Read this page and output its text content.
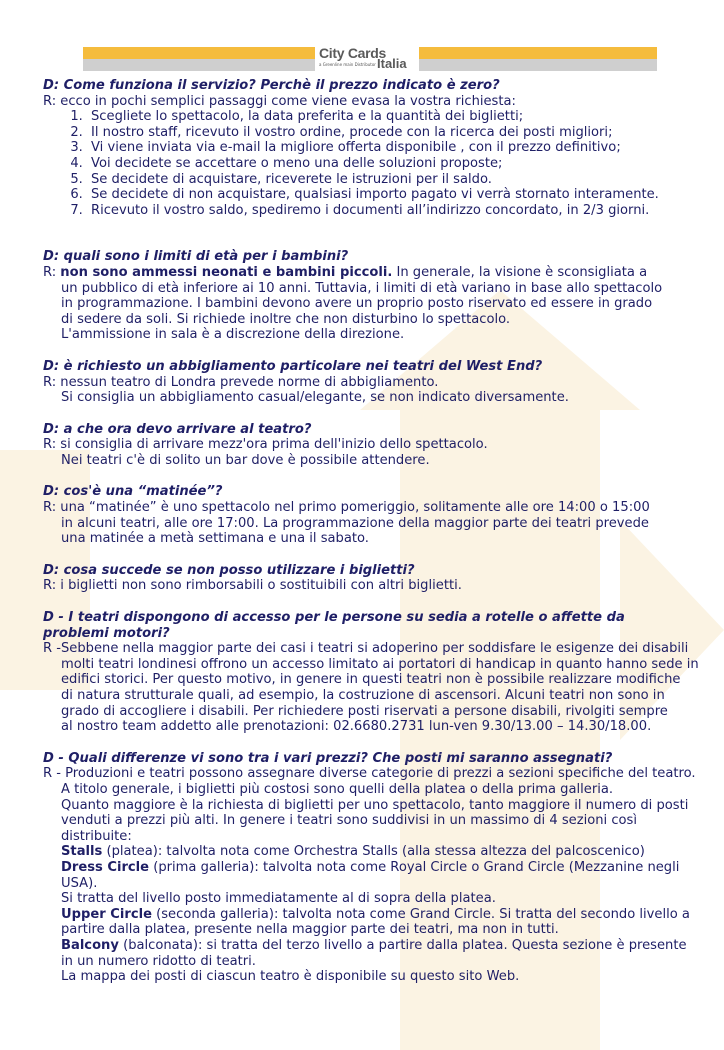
City Cards
Italia
a Greenline main Distributor

D: Come funziona il servizio? Perchè il prezzo indicato è zero?

R: ecco in pochi semplici passaggi come viene evasa la vostra richiesta:

1. Scegliete lo spettacolo, la data preferita e la quantità dei biglietti;
2. Il nostro staff, ricevuto il vostro ordine, procede con la ricerca dei posti migliori;
3. Vi viene inviata via e-mail la migliore offerta disponibile , con il prezzo definitivo;
4. Voi decidete se accettare o meno una delle soluzioni proposte;
5. Se decidete di acquistare, riceverete le istruzioni per il saldo.
6. Se decidete di non acquistare, qualsiasi importo pagato vi verrà stornato interamente.
7. Ricevuto il vostro saldo, spediremo i documenti all’indirizzo concordato, in 2/3 giorni.

D: quali sono i limiti di età per i bambini?

R: non sono ammessi neonati e bambini piccoli. In generale, la visione è sconsigliata a

un pubblico di età inferiore ai 10 anni. Tuttavia, i limiti di età variano in base allo spettacolo

in programmazione. I bambini devono avere un proprio posto riservato ed essere in grado

di sedere da soli. Si richiede inoltre che non disturbino lo spettacolo.

L'ammissione in sala è a discrezione della direzione.

D: è richiesto un abbigliamento particolare nei teatri del West End?

R: nessun teatro di Londra prevede norme di abbigliamento.

Si consiglia un abbigliamento casual/elegante, se non indicato diversamente.

D: a che ora devo arrivare al teatro?

R: si consiglia di arrivare mezz'ora prima dell'inizio dello spettacolo.

Nei teatri c'è di solito un bar dove è possibile attendere.

D: cos'è una “matinée”?

R: una “matinée” è uno spettacolo nel primo pomeriggio, solitamente alle ore 14:00 o 15:00

in alcuni teatri, alle ore 17:00. La programmazione della maggior parte dei teatri prevede

una matinée a metà settimana e una il sabato.

D: cosa succede se non posso utilizzare i biglietti?

R: i biglietti non sono rimborsabili o sostituibili con altri biglietti.

D - I teatri dispongono di accesso per le persone su sedia a rotelle o affette da

problemi motori?

R -Sebbene nella maggior parte dei casi i teatri si adoperino per soddisfare le esigenze dei disabili

molti teatri londinesi offrono un accesso limitato ai portatori di handicap in quanto hanno sede in

edifici storici. Per questo motivo, in genere in questi teatri non è possibile realizzare modifiche

di natura strutturale quali, ad esempio, la costruzione di ascensori. Alcuni teatri non sono in

grado di accogliere i disabili. Per richiedere posti riservati a persone disabili, rivolgiti sempre

al nostro team addetto alle prenotazioni: 02.6680.2731 lun-ven 9.30/13.00 – 14.30/18.00.

D - Quali differenze vi sono tra i vari prezzi? Che posti mi saranno assegnati?

R - Produzioni e teatri possono assegnare diverse categorie di prezzi a sezioni specifiche del teatro.

A titolo generale, i biglietti più costosi sono quelli della platea o della prima galleria.

Quanto maggiore è la richiesta di biglietti per uno spettacolo, tanto maggiore il numero di posti

venduti a prezzi più alti. In genere i teatri sono suddivisi in un massimo di 4 sezioni così distribuite:

Stalls (platea): talvolta nota come Orchestra Stalls (alla stessa altezza del palcoscenico)

Dress Circle (prima galleria): talvolta nota come Royal Circle o Grand Circle (Mezzanine negli USA).

Si tratta del livello posto immediatamente al di sopra della platea.

Upper Circle (seconda galleria): talvolta nota come Grand Circle. Si tratta del secondo livello a

partire dalla platea, presente nella maggior parte dei teatri, ma non in tutti.

Balcony (balconata): si tratta del terzo livello a partire dalla platea. Questa sezione è presente

in un numero ridotto di teatri.

La mappa dei posti di ciascun teatro è disponibile su questo sito Web.
